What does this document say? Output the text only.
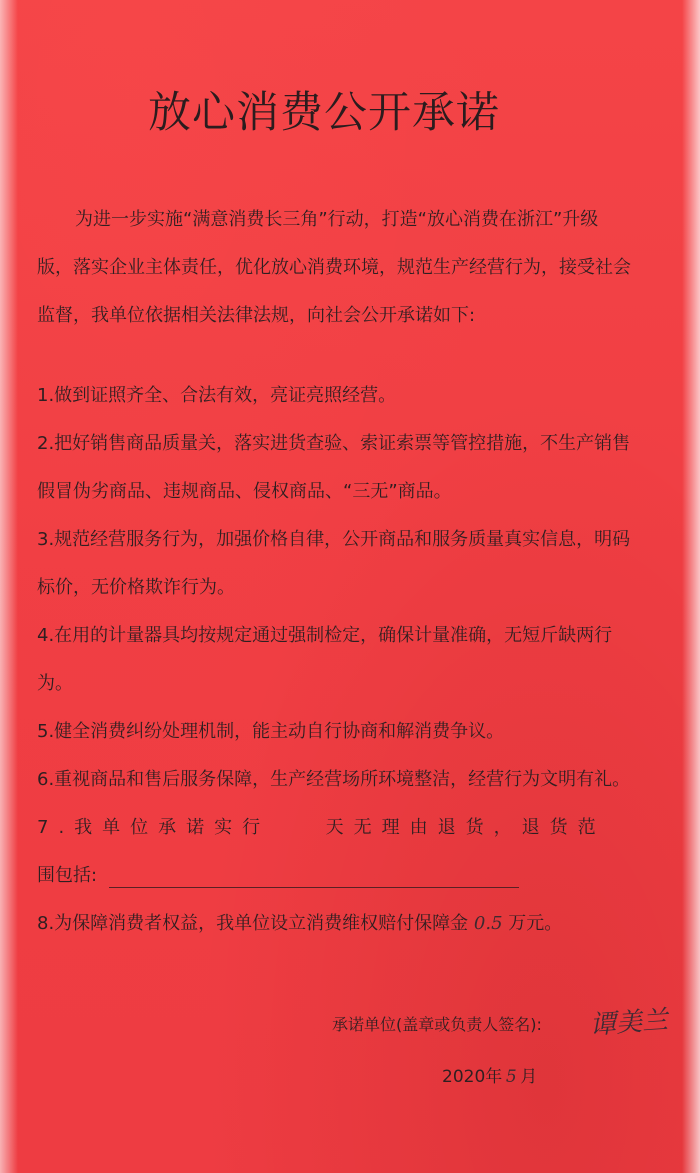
放心消费公开承诺
为进一步实施“满意消费长三角”行动，打造“放心消费在浙江”升级版，落实企业主体责任，优化放心消费环境，规范生产经营行为，接受社会监督，我单位依据相关法律法规，向社会公开承诺如下:

1.做到证照齐全、合法有效，亮证亮照经营。

2.把好销售商品质量关，落实进货查验、索证索票等管控措施，不生产销售假冒伪劣商品、违规商品、侵权商品、“三无”商品。

3.规范经营服务行为，加强价格自律，公开商品和服务质量真实信息，明码标价，无价格欺诈行为。

4.在用的计量器具均按规定通过强制检定，确保计量准确，无短斤缺两行为。

5.健全消费纠纷处理机制，能主动自行协商和解消费争议。

6.重视商品和售后服务保障，生产经营场所环境整洁，经营行为文明有礼。

7.我单位承诺实行	天无理由退货，退货范
围包括:

8.为保障消费者权益，我单位设立消费维权赔付保障金 0.5 万元。

承诺单位(盖章或负责人签名):	谭美兰
2020年 5 月
